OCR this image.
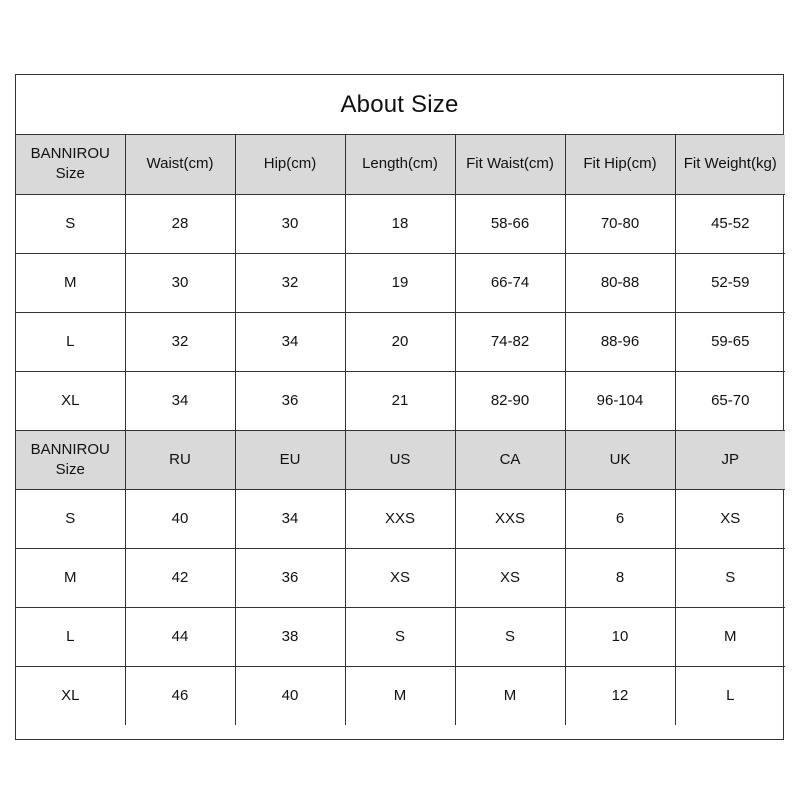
About Size
BANNIROU
Size	Waist(cm)	Hip(cm)	Length(cm)	Fit Waist(cm)	Fit Hip(cm)	Fit Weight(kg)
S	28	30	18	58-66	70-80	45-52
M	30	32	19	66-74	80-88	52-59
L	32	34	20	74-82	88-96	59-65
XL	34	36	21	82-90	96-104	65-70
BANNIROU
Size	RU	EU	US	CA	UK	JP
S	40	34	XXS	XXS	6	XS
M	42	36	XS	XS	8	S
L	44	38	S	S	10	M
XL	46	40	M	M	12	L
